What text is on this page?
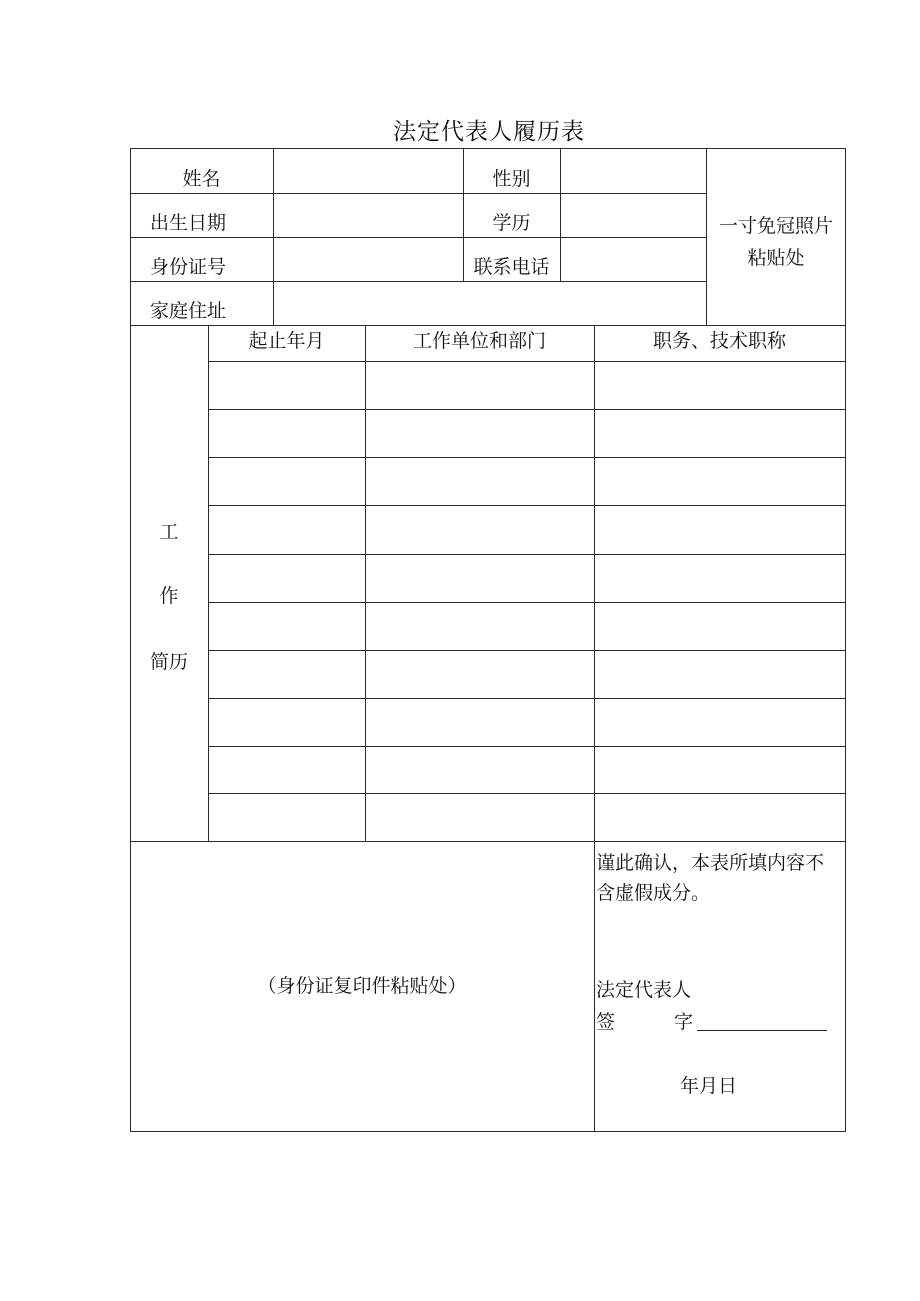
法定代表人履历表
姓名	性别
出生日期	学历
身份证号	联系电话
家庭住址
一寸免冠照片
粘贴处
起止年月	工作单位和部门	职务、技术职称
工
作
简历
（身份证复印件粘贴处）
谨此确认，本表所填内容不
含虚假成分。
法定代表人
签	字
年月日
